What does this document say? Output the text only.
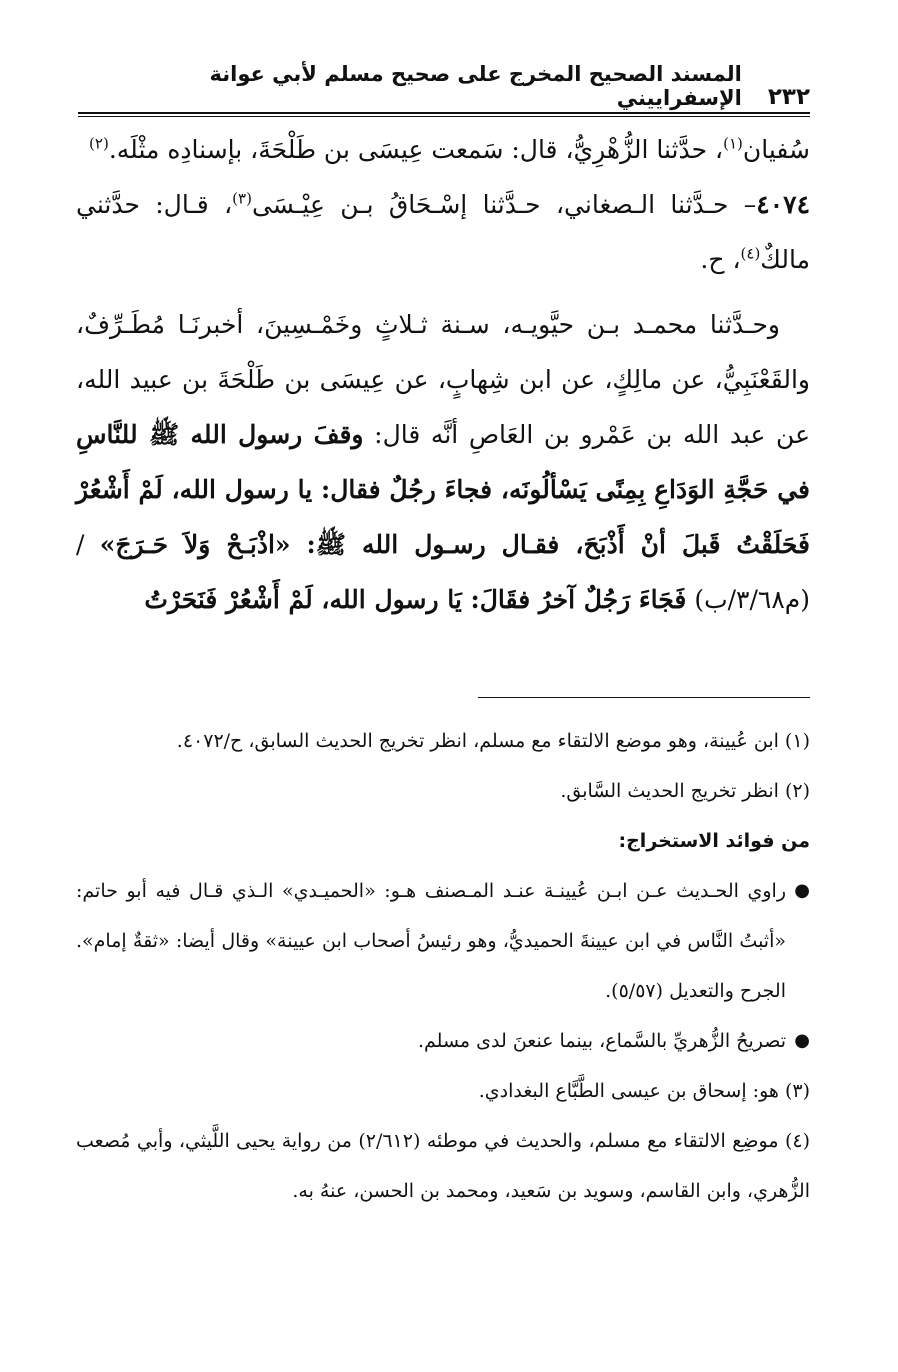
٢٣٢
المسند الصحيح المخرج على صحيح مسلم لأبي عوانة الإسفراييني

سُفيان$^{(١)}$، حدَّثنا الزُّهْرِيُّ، قال: سَمعت عِيسَى بن طَلْحَةَ، بإسنادِه مثْلَه.$^{(٢)}$

٤٠٧٤– حـدَّثنا الـصغاني، حـدَّثنا إسْـحَاقُ بـن عِيْـسَى$^{(٣)}$، قـال: حدَّثني مالكٌ$^{(٤)}$، ح.

وحـدَّثنا محمـد بـن حيَّويـه، سـنة ثـلاثٍ وخَمْـسِينَ، أخبرنَـا مُطَـرِّفٌ، والقَعْنَبِيُّ، عن مالِكٍ، عن ابن شِهابٍ، عن عِيسَى بن طَلْحَةَ بن عبيد الله، عن عبد الله بن عَمْرو بن العَاصِ أنَّه قال: وقفَ رسول الله ﷺ للنَّاسِ في حَجَّةِ الوَدَاعِ بِمِنًى يَسْألُونَه، فجاءَ رجُلٌ فقال: يا رسول الله، لَمْ أَشْعُرْ فَحَلَقْتُ قَبلَ أنْ أَذْبَحَ، فقـال رسـول الله ﷺ: «اذْبَـحْ وَلاَ حَـرَجَ» / (م٣/٦٨/ب) فَجَاءَ رَجُلٌ آخرُ فقَالَ: يَا رسول الله، لَمْ أَشْعُرْ فَنَحَرْتُ

(١) ابن عُيينة، وهو موضع الالتقاء مع مسلم، انظر تخريج الحديث السابق، ح/٤٠٧٢.

(٢) انظر تخريج الحديث السَّابق.

من فوائد الاستخراج:

●
راوي الحـديث عـن ابـن عُيينـة عنـد المـصنف هـو: «الحميـدي» الـذي قـال فيه أبو حاتم: «أثبتُ النَّاس في ابن عيينةَ الحميديُّ، وهو رئيسُ أصحاب ابن عيينة» وقال أيضا: «ثقةٌ إمام». الجرح والتعديل (٥/٥٧).

●
تصريحُ الزُّهريِّ بالسَّماع، بينما عنعنَ لدى مسلم.

(٣) هو: إسحاق بن عيسى الطَّبَّاع البغدادي.

(٤) موضِع الالتقاء مع مسلم، والحديث في موطئه (٢/٦١٢) من رواية يحيى اللَّيثي، وأبي مُصعب الزُّهري، وابن القاسم، وسويد بن سَعيد، ومحمد بن الحسن، عنهُ به.
